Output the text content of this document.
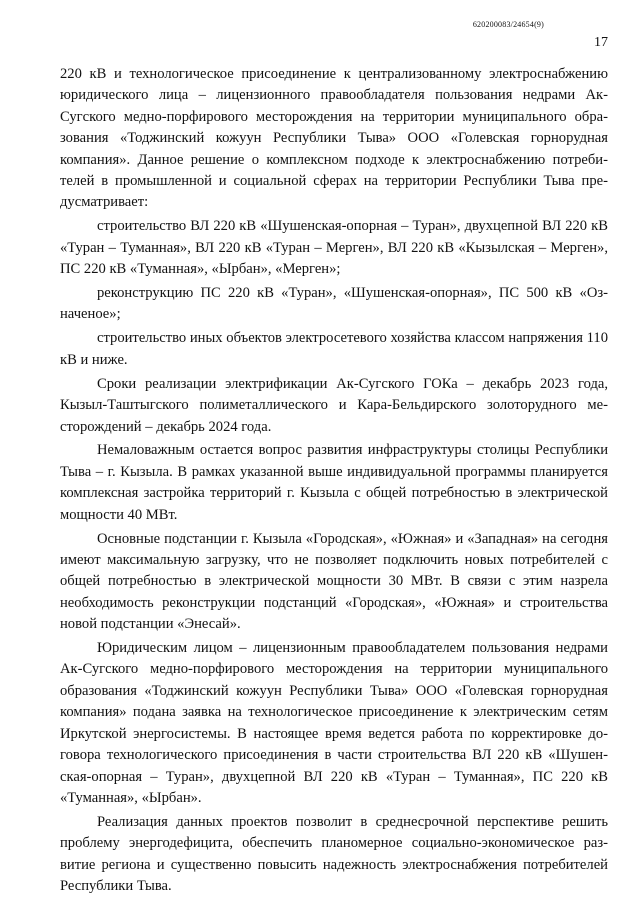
620200083/24654(9)
17

220 кВ и технологическое присоединение к централизованному электроснабжению юридического лица – лицензионного правообладателя пользования недрами Ак-Сугского медно-порфирового месторождения на территории муниципального образования «Тоджинский кожуун Республики Тыва» ООО «Голевская горнорудная компания». Данное решение о комплексном подходе к электроснабжению потребителей в промышленной и социальной сферах на территории Республики Тыва предусматривает:

строительство ВЛ 220 кВ «Шушенская-опорная – Туран», двухцепной ВЛ 220 кВ «Туран – Туманная», ВЛ 220 кВ «Туран – Мерген», ВЛ 220 кВ «Кызылская – Мерген», ПС 220 кВ «Туманная», «Ырбан», «Мерген»;

реконструкцию ПС 220 кВ «Туран», «Шушенская-опорная», ПС 500 кВ «Означеное»;

строительство иных объектов электросетевого хозяйства классом напряжения 110 кВ и ниже.

Сроки реализации электрификации Ак-Сугского ГОКа – декабрь 2023 года, Кызыл-Таштыгского полиметаллического и Кара-Бельдирского золоторудного месторождений – декабрь 2024 года.

Немаловажным остается вопрос развития инфраструктуры столицы Республики Тыва – г. Кызыла. В рамках указанной выше индивидуальной программы планируется комплексная застройка территорий г. Кызыла с общей потребностью в электрической мощности 40 МВт.

Основные подстанции г. Кызыла «Городская», «Южная» и «Западная» на сегодня имеют максимальную загрузку, что не позволяет подключить новых потребителей с общей потребностью в электрической мощности 30 МВт. В связи с этим назрела необходимость реконструкции подстанций «Городская», «Южная» и строительства новой подстанции «Энесай».

Юридическим лицом – лицензионным правообладателем пользования недрами Ак-Сугского медно-порфирового месторождения на территории муниципального образования «Тоджинский кожуун Республики Тыва» ООО «Голевская горнорудная компания» подана заявка на технологическое присоединение к электрическим сетям Иркутской энергосистемы. В настоящее время ведется работа по корректировке договора технологического присоединения в части строительства ВЛ 220 кВ «Шушенская-опорная – Туран», двухцепной ВЛ 220 кВ «Туран – Туманная», ПС 220 кВ «Туманная», «Ырбан».

Реализация данных проектов позволит в среднесрочной перспективе решить проблему энергодефицита, обеспечить планомерное социально-экономическое развитие региона и существенно повысить надежность электроснабжения потребителей Республики Тыва.
